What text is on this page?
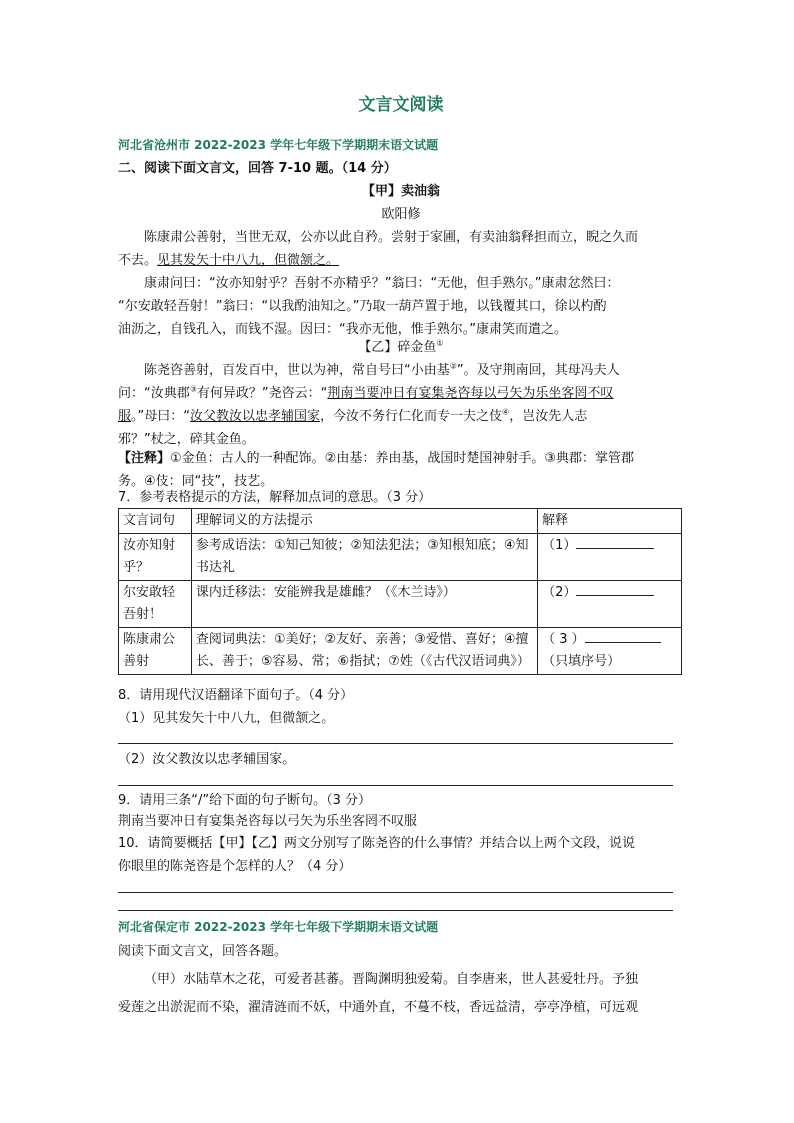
文言文阅读
河北省沧州市 2022-2023 学年七年级下学期期末语文试题
二、阅读下面文言文，回答 7-10 题。（14 分）
【甲】卖油翁
欧阳修
陈康肃公善射，当世无双，公亦以此自矜。尝射于家圃，有卖油翁释担而立，睨之久而
不去。见其发矢十中八九，但微颔之。
康肃问曰：“汝亦知射乎？吾射不亦精乎？”翁曰：“无他，但手熟尔。”康肃忿然曰：
“尔安敢轻吾射！”翁曰：“以我酌油知之。”乃取一葫芦置于地，以钱覆其口，徐以杓酌
油沥之，自钱孔入，而钱不湿。因曰：“我亦无他，惟手熟尔。”康肃笑而遣之。
【乙】碎金鱼①
陈尧咨善射，百发百中，世以为神，常自号曰“小由基②”。及守荆南回，其母冯夫人
问：“汝典郡③有何异政？”尧咨云：“荆南当要冲日有宴集尧咨每以弓矢为乐坐客罔不叹
服。”母曰：“汝父教汝以忠孝辅国家，今汝不务行仁化而专一夫之伎④，岂汝先人志
邪？”杖之，碎其金鱼。
【注释】①金鱼：古人的一种配饰。②由基：养由基，战国时楚国神射手。③典郡：掌管郡
务。④伎：同“技”，技艺。
7．参考表格提示的方法，解释加点词的意思。（3 分）
文言词句	理解词义的方法提示	解释
汝亦知射乎？	参考成语法：①知己知彼；②知法犯法；③知根知底；④知书达礼	（1）
尔安敢轻吾射！	课内迁移法：安能辨我是雄雌？（《木兰诗》）	（2）
陈康肃公善射	查阅词典法：①美好；②友好、亲善；③爱惜、喜好；④擅长、善于；⑤容易、常；⑥指拭；⑦姓（《古代汉语词典》）	（ 3 ）
（只填序号）
8．请用现代汉语翻译下面句子。（4 分）
（1）见其发矢十中八九，但微颔之。
（2）汝父教汝以忠孝辅国家。
9．请用三条“/”给下面的句子断句。（3 分）
荆南当要冲日有宴集尧咨每以弓矢为乐坐客罔不叹服
10．请简要概括【甲】【乙】两文分别写了陈尧咨的什么事情？并结合以上两个文段，说说
你眼里的陈尧咨是个怎样的人？（4 分）
河北省保定市 2022-2023 学年七年级下学期期末语文试题
阅读下面文言文，回答各题。
（甲）水陆草木之花，可爱者甚蕃。晋陶渊明独爱菊。自李唐来，世人甚爱牡丹。予独
爱莲之出淤泥而不染，濯清涟而不妖，中通外直，不蔓不枝，香远益清，亭亭净植，可远观
